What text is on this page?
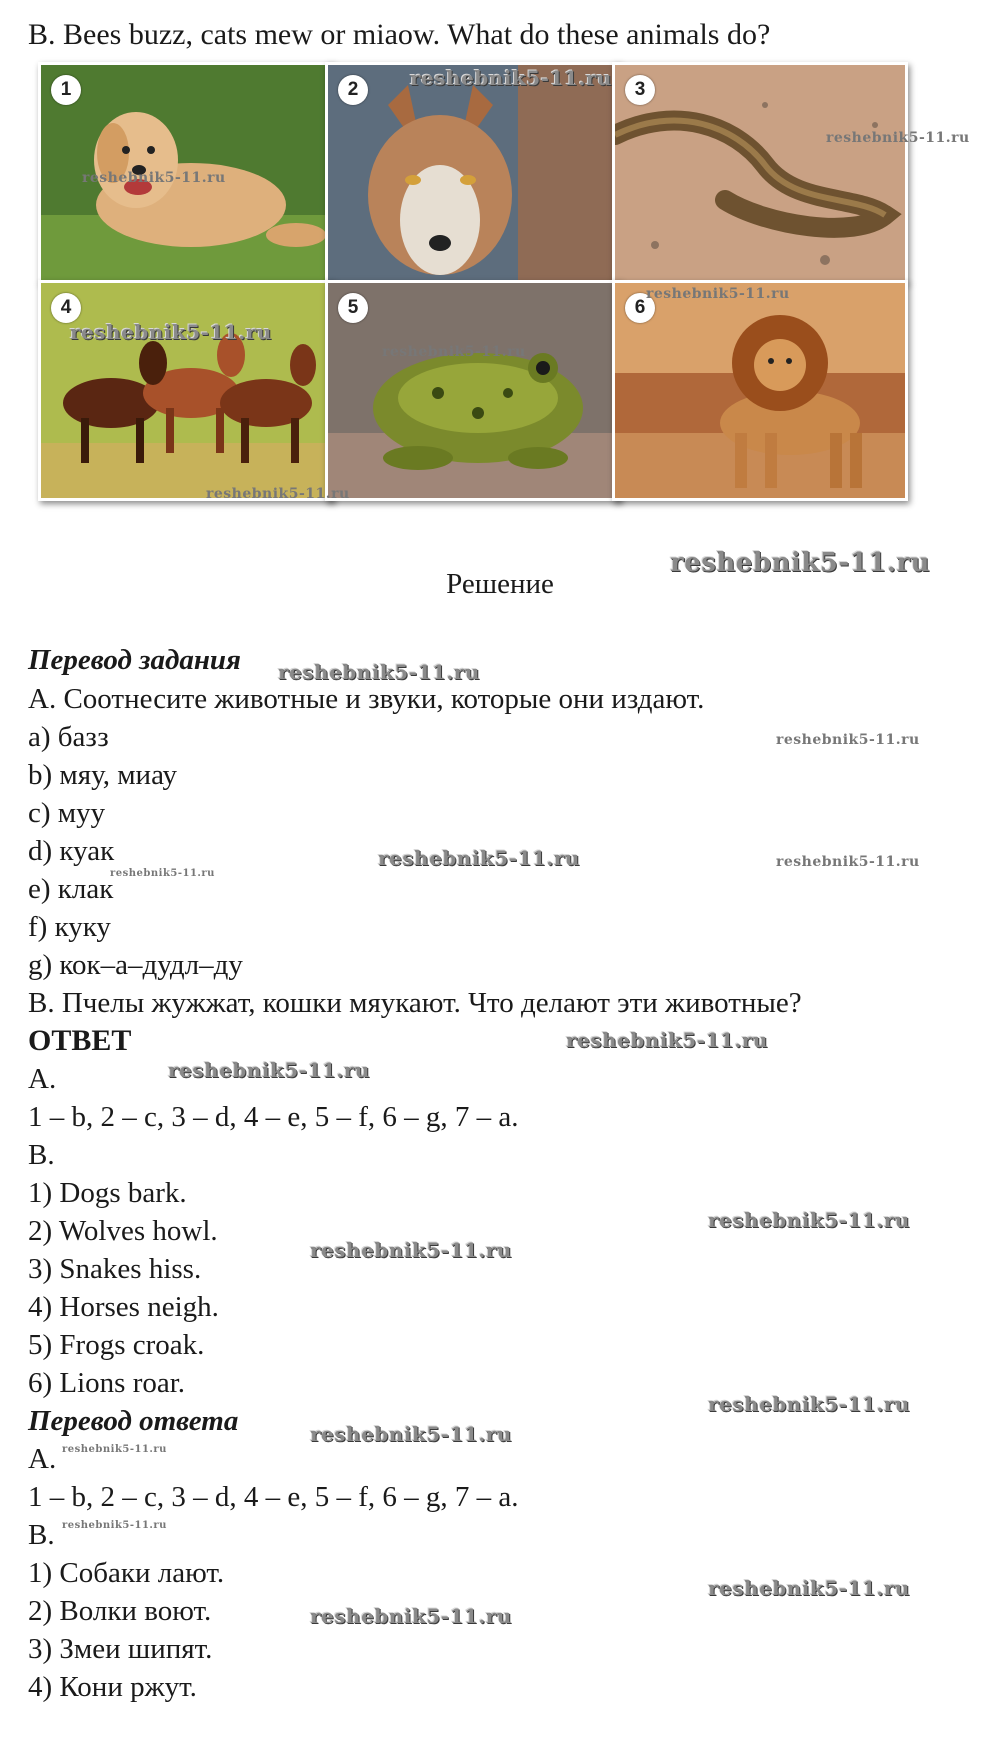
B. Bees buzz, cats mew or miaow. What do these animals do?
1	2	3
4	5	6
Решение
Перевод задания
A. Соотнесите животные и звуки, которые они издают.
a) базз
b) мяу, миау
c) муу
d) куак
e) клак
f) куку
g) кок–а–дудл–ду
B. Пчелы жужжат, кошки мяукают. Что делают эти животные?
ОТВЕТ
A.
1 – b, 2 – c, 3 – d, 4 – e, 5 – f, 6 – g, 7 – a.
B.
1) Dogs bark.
2) Wolves howl.
3) Snakes hiss.
4) Horses neigh.
5) Frogs croak.
6) Lions roar.
Перевод ответа
A.
1 – b, 2 – c, 3 – d, 4 – e, 5 – f, 6 – g, 7 – a.
B.
1) Собаки лают.
2) Волки воют.
3) Змеи шипят.
4) Кони ржут.
reshebnik5-11.ru
reshebnik5-11.ru
reshebnik5-11.ru
reshebnik5-11.ru
reshebnik5-11.ru
reshebnik5-11.ru
reshebnik5-11.ru
reshebnik5-11.ru
reshebnik5-11.ru
reshebnik5-11.ru
reshebnik5-11.ru	reshebnik5-11.ru
reshebnik5-11.ru
reshebnik5-11.ru
reshebnik5-11.ru
reshebnik5-11.ru
reshebnik5-11.ru
reshebnik5-11.ru
reshebnik5-11.ru
reshebnik5-11.ru
reshebnik5-11.ru
reshebnik5-11.ru
reshebnik5-11.ru
